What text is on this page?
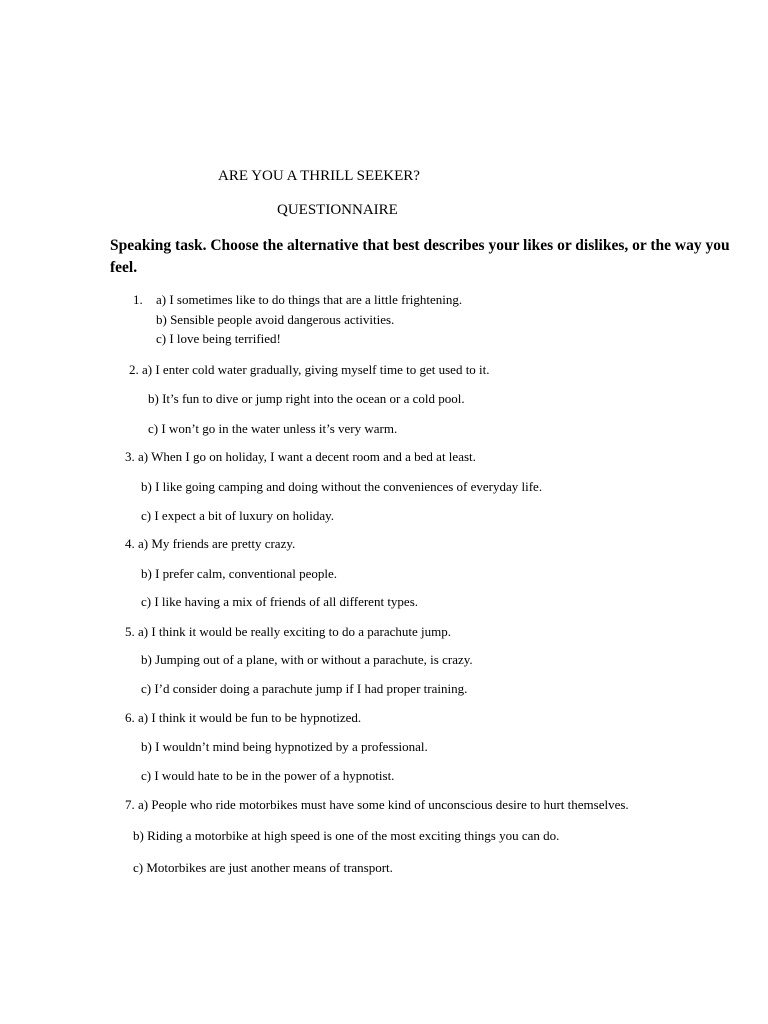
ARE YOU A THRILL SEEKER?
QUESTIONNAIRE
Speaking task. Choose the alternative that best describes your likes or dislikes, or the way you feel.
1. a) I sometimes like to do things that are a little frightening.
b) Sensible people avoid dangerous activities.
c) I love being terrified!
2. a) I enter cold water gradually, giving myself time to get used to it.
b) It’s fun to dive or jump right into the ocean or a cold pool.
c) I won’t go in the water unless it’s very warm.
3. a) When I go on holiday, I want a decent room and a bed at least.
b) I like going camping and doing without the conveniences of everyday life.
c) I expect a bit of luxury on holiday.
4. a) My friends are pretty crazy.
b) I prefer calm, conventional people.
c) I like having a mix of friends of all different types.
5. a) I think it would be really exciting to do a parachute jump.
b) Jumping out of a plane, with or without a parachute, is crazy.
c) I’d consider doing a parachute jump if I had proper training.
6. a) I think it would be fun to be hypnotized.
b) I wouldn’t mind being hypnotized by a professional.
c) I would hate to be in the power of a hypnotist.
7. a) People who ride motorbikes must have some kind of unconscious desire to hurt themselves.
b) Riding a motorbike at high speed is one of the most exciting things you can do.
c) Motorbikes are just another means of transport.
